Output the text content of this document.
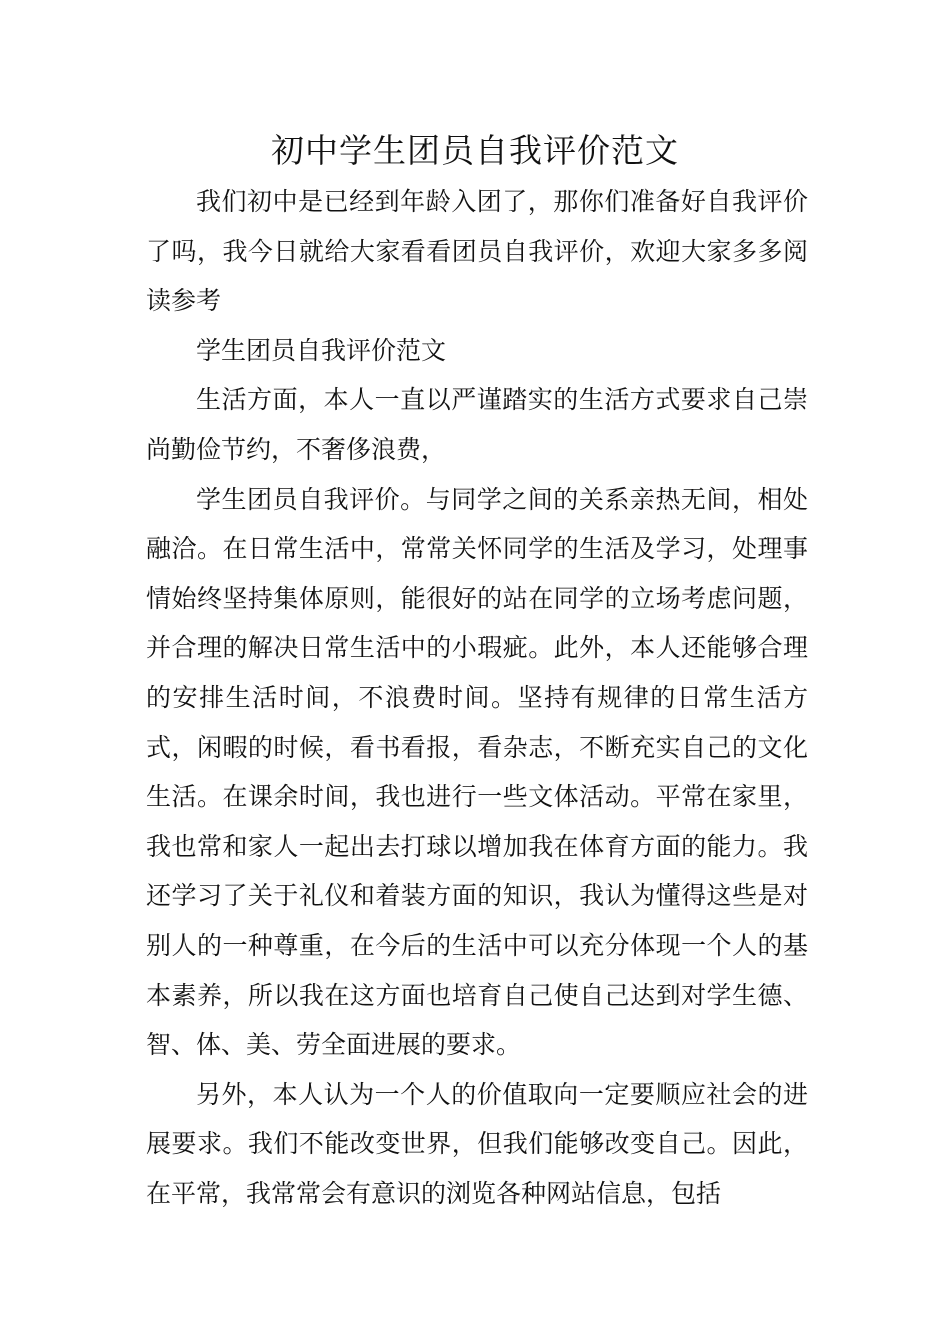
初中学生团员自我评价范文

我们初中是已经到年龄入团了，那你们准备好自我评价了吗，我今日就给大家看看团员自我评价，欢迎大家多多阅读参考

学生团员自我评价范文

生活方面，本人一直以严谨踏实的生活方式要求自己崇尚勤俭节约，不奢侈浪费，

学生团员自我评价。与同学之间的关系亲热无间，相处融洽。在日常生活中，常常关怀同学的生活及学习，处理事情始终坚持集体原则，能很好的站在同学的立场考虑问题，并合理的解决日常生活中的小瑕疵。此外，本人还能够合理的安排生活时间，不浪费时间。坚持有规律的日常生活方式，闲暇的时候，看书看报，看杂志，不断充实自己的文化生活。在课余时间，我也进行一些文体活动。平常在家里，我也常和家人一起出去打球以增加我在体育方面的能力。我还学习了关于礼仪和着装方面的知识，我认为懂得这些是对别人的一种尊重，在今后的生活中可以充分体现一个人的基本素养，所以我在这方面也培育自己使自己达到对学生德、智、体、美、劳全面进展的要求。

另外，本人认为一个人的价值取向一定要顺应社会的进展要求。我们不能改变世界，但我们能够改变自己。因此，在平常，我常常会有意识的浏览各种网站信息，包括
